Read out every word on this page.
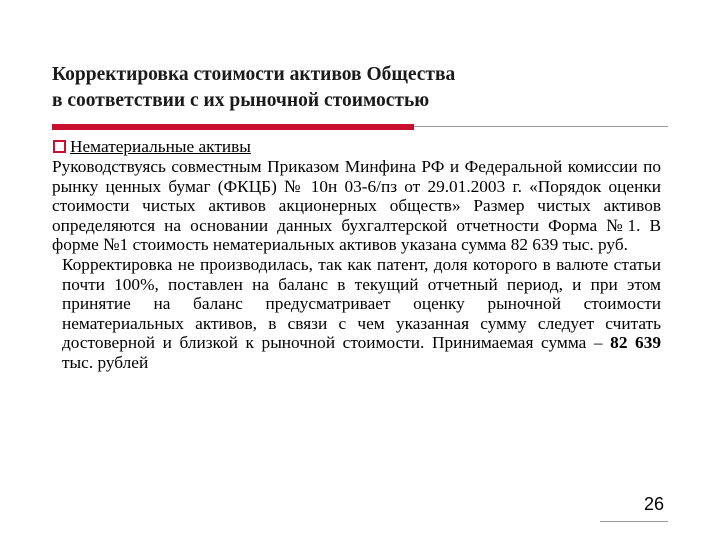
Корректировка стоимости активов Общества
в соответствии с их рыночной стоимостью
Нематериальные активы

Руководствуясь совместным Приказом Минфина РФ и Федеральной комиссии по рынку ценных бумаг (ФКЦБ) № 10н 03-6/пз от 29.01.2003 г. «Порядок оценки стоимости чистых активов акционерных обществ» Размер чистых активов определяются на основании данных бухгалтерской отчетности Форма №1. В форме №1 стоимость нематериальных активов указана сумма 82 639 тыс. руб.

Корректировка не производилась, так как патент, доля которого в валюте статьи почти 100%, поставлен на баланс в текущий отчетный период, и при этом принятие на баланс предусматривает оценку рыночной стоимости нематериальных активов, в связи с чем указанная сумму следует считать достоверной и близкой к рыночной стоимости. Принимаемая сумма – 82 639 тыс. рублей

26
